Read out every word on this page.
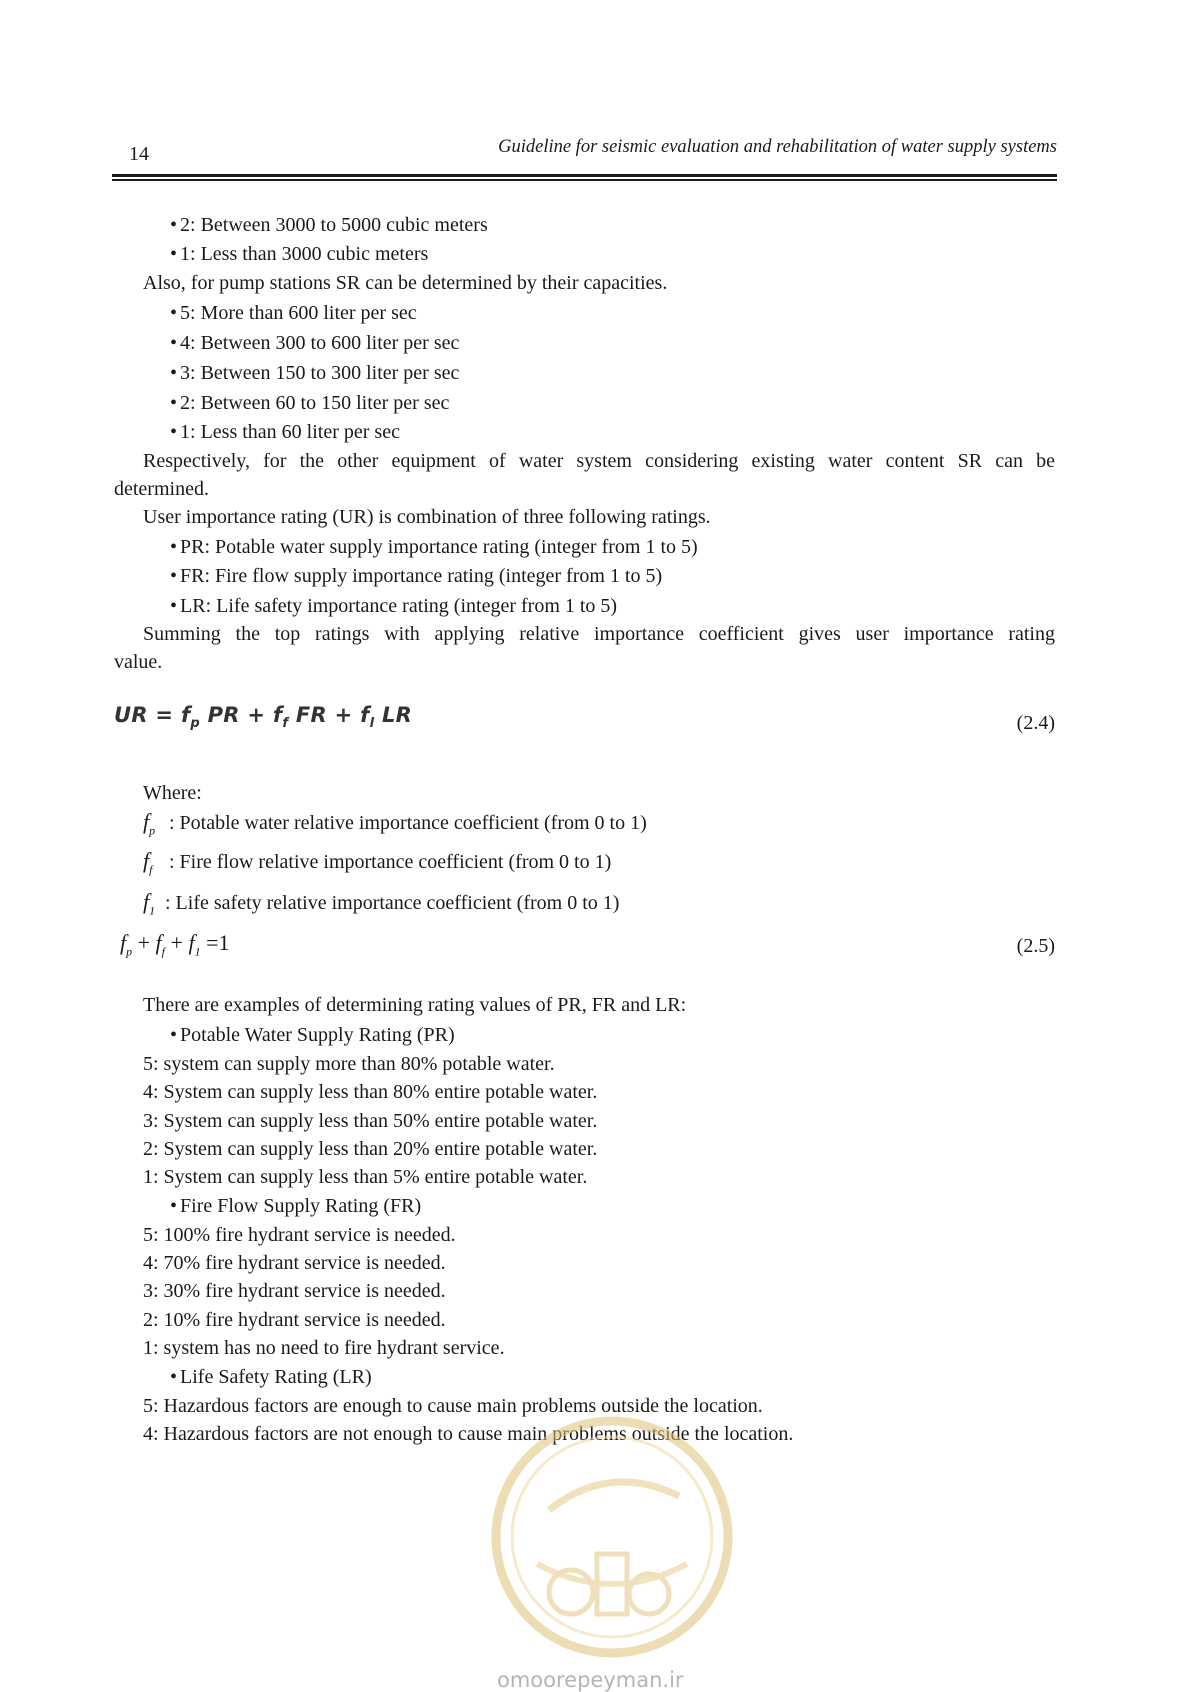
14	Guideline for seismic evaluation and rehabilitation of water supply systems
• 2: Between 3000 to 5000 cubic meters
• 1: Less than 3000 cubic meters
Also, for pump stations SR can be determined by their capacities.
• 5: More than 600 liter per sec
• 4: Between 300 to 600 liter per sec
• 3: Between 150 to 300 liter per sec
• 2: Between 60 to 150 liter per sec
• 1: Less than 60 liter per sec
Respectively, for the other equipment of water system considering existing water content SR can be
determined.
User importance rating (UR) is combination of three following ratings.
• PR: Potable water supply importance rating (integer from 1 to 5)
• FR: Fire flow supply importance rating (integer from 1 to 5)
• LR: Life safety importance rating (integer from 1 to 5)
Summing the top ratings with applying relative importance coefficient gives user importance rating
value.
UR = $f_p$ PR + $f_f$ FR + $f_l$ LR	(2.4)
Where:
$f_p$ : Potable water relative importance coefficient (from 0 to 1)
$f_f$ : Fire flow relative importance coefficient (from 0 to 1)
$f_1$ : Life safety relative importance coefficient (from 0 to 1)
$f_p + f_f + f_1 =1$	(2.5)
There are examples of determining rating values of PR, FR and LR:
• Potable Water Supply Rating (PR)
5: system can supply more than 80% potable water.
4: System can supply less than 80% entire potable water.
3: System can supply less than 50% entire potable water.
2: System can supply less than 20% entire potable water.
1: System can supply less than 5% entire potable water.
• Fire Flow Supply Rating (FR)
5: 100% fire hydrant service is needed.
4: 70% fire hydrant service is needed.
3: 30% fire hydrant service is needed.
2: 10% fire hydrant service is needed.
1: system has no need to fire hydrant service.
• Life Safety Rating (LR)
5: Hazardous factors are enough to cause main problems outside the location.
4: Hazardous factors are not enough to cause main problems outside the location.
omoorepeyman.ir
